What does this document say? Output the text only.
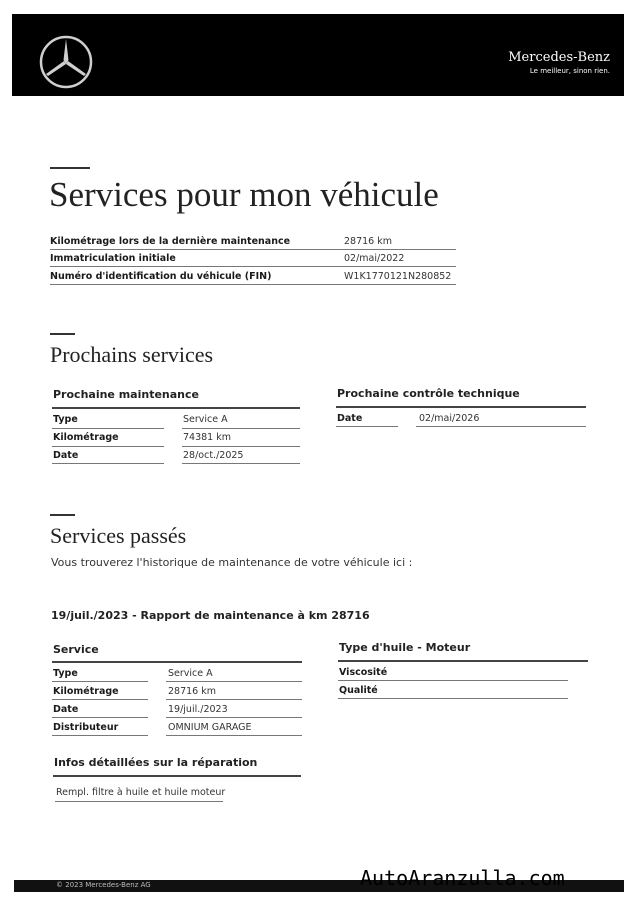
Mercedes-Benz
Le meilleur, sinon rien.
Services pour mon véhicule
Kilométrage lors de la dernière maintenance	28716 km
Immatriculation initiale	02/mai/2022
Numéro d'identification du véhicule (FIN)	W1K1770121N280852
Prochains services
Prochaine maintenance
Type	Service A
Kilométrage	74381 km
Date	28/oct./2025
Prochaine contrôle technique
Date	02/mai/2026
Services passés
Vous trouverez l'historique de maintenance de votre véhicule ici :
19/juil./2023 - Rapport de maintenance à km 28716
Service
Type	Service A
Kilométrage	28716 km
Date	19/juil./2023
Distributeur	OMNIUM GARAGE
Type d'huile - Moteur
Viscosité
Qualité
Infos détaillées sur la réparation
Rempl. filtre à huile et huile moteur
© 2023 Mercedes-Benz AG	AutoAranzulla.com
